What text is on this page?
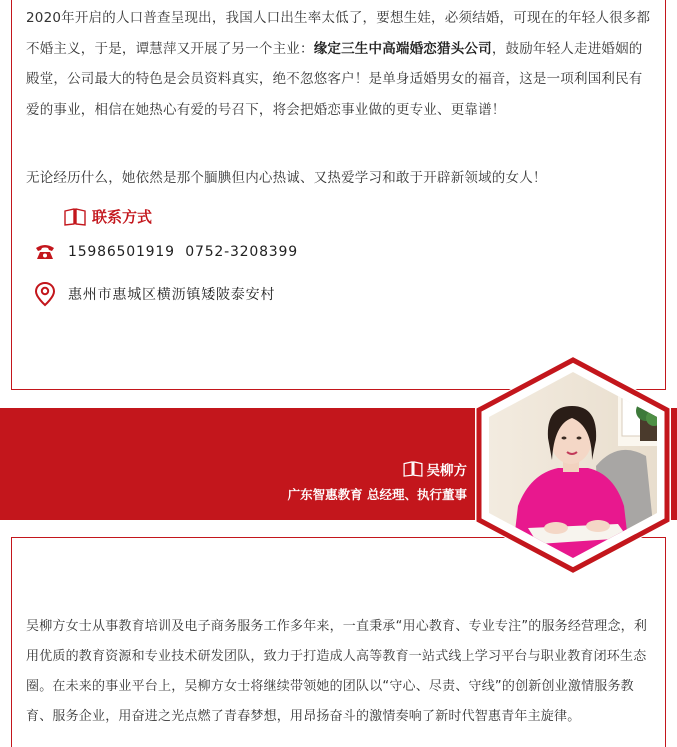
2020年开启的人口普查呈现出，我国人口出生率太低了，要想生娃，必须结婚，可现在的年轻人很多都不婚主义，于是，谭慧萍又开展了另一个主业：缘定三生中高端婚恋猎头公司，鼓励年轻人走进婚姻的殿堂，公司最大的特色是会员资料真实，绝不忽悠客户！是单身适婚男女的福音，这是一项利国利民有爱的事业，相信在她热心有爱的号召下，将会把婚恋事业做的更专业、更靠谱！

无论经历什么，她依然是那个腼腆但内心热诚、又热爱学习和敢于开辟新领域的女人！

联系方式
15986501919  0752-3208399
惠州市惠城区横沥镇矮陂泰安村
吴柳方
广东智惠教育 总经理、执行董事

吴柳方女士从事教育培训及电子商务服务工作多年来，一直秉承“用心教育、专业专注”的服务经营理念，利用优质的教育资源和专业技术研发团队，致力于打造成人高等教育一站式线上学习平台与职业教育闭环生态圈。在未来的事业平台上，吴柳方女士将继续带领她的团队以“守心、尽责、守线”的创新创业激情服务教育、服务企业，用奋进之光点燃了青春梦想，用昂扬奋斗的激情奏响了新时代智惠青年主旋律。
